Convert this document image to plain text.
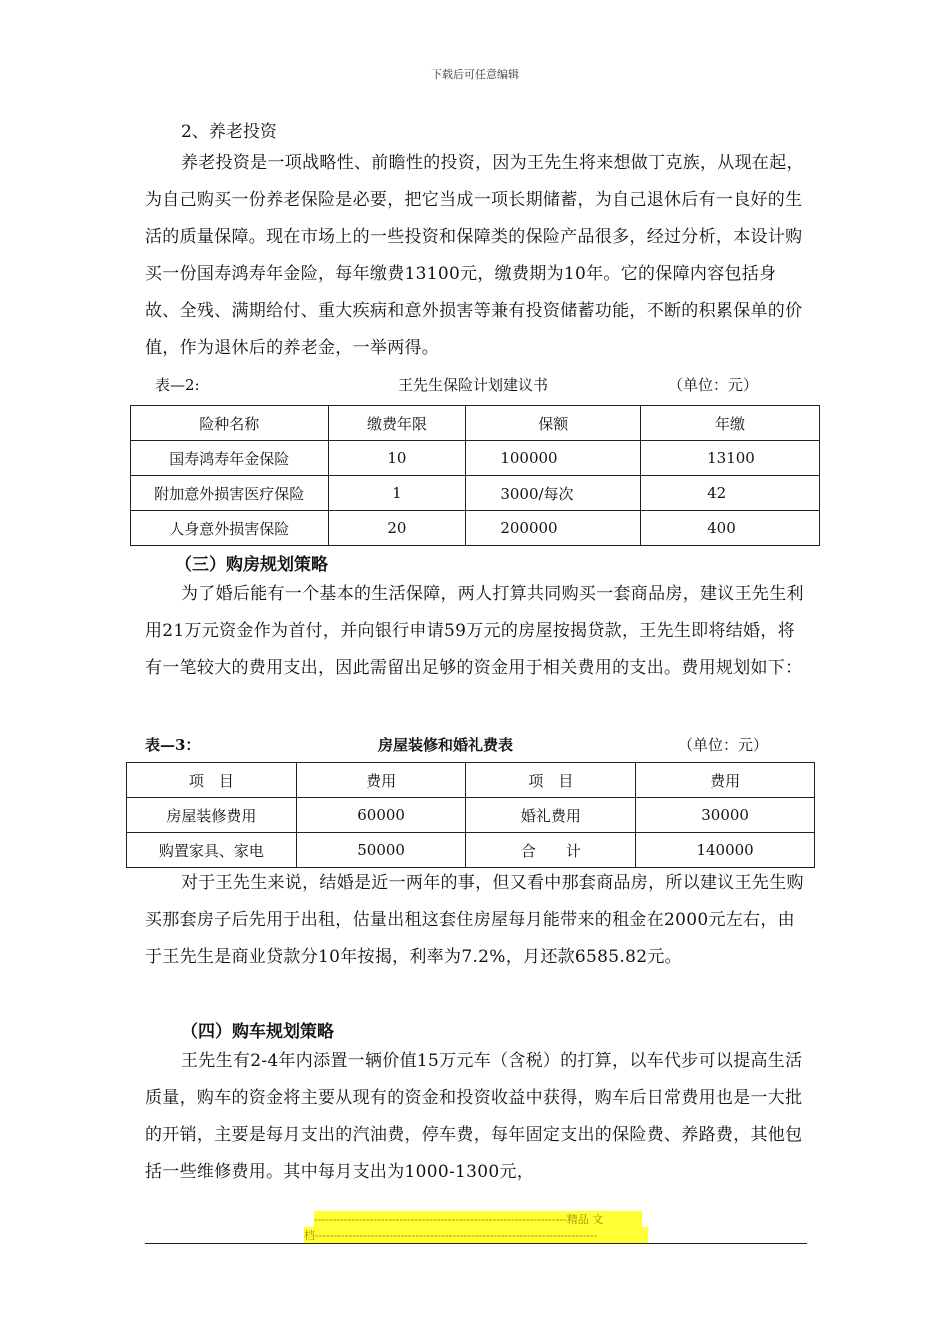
下载后可任意编辑
2、养老投资
养老投资是一项战略性、前瞻性的投资，因为王先生将来想做丁克族，从现在起，为自己购买一份养老保险是必要，把它当成一项长期储蓄，为自己退休后有一良好的生活的质量保障。现在市场上的一些投资和保障类的保险产品很多，经过分析，本设计购买一份国寿鸿寿年金险，每年缴费13100元，缴费期为10年。它的保障内容包括身故、全残、满期给付、重大疾病和意外损害等兼有投资储蓄功能，不断的积累保单的价值，作为退休后的养老金，一举两得。
表—2:	王先生保险计划建议书	（单位：元）
险种名称	缴费年限	保额	年缴
国寿鸿寿年金保险	10	100000	13100
附加意外损害医疗保险	1	3000/每次	42
人身意外损害保险	20	200000	400
（三）购房规划策略
为了婚后能有一个基本的生活保障，两人打算共同购买一套商品房，建议王先生利用21万元资金作为首付，并向银行申请59万元的房屋按揭贷款，王先生即将结婚，将有一笔较大的费用支出，因此需留出足够的资金用于相关费用的支出。费用规划如下：
表—3：	房屋装修和婚礼费表	（单位：元）
项　目	费用	项　目	费用
房屋装修费用	60000	婚礼费用	30000
购置家具、家电	50000	合　　计	140000
对于王先生来说，结婚是近一两年的事，但又看中那套商品房，所以建议王先生购买那套房子后先用于出租，估量出租这套住房屋每月能带来的租金在2000元左右，由于王先生是商业贷款分10年按揭，利率为7.2%，月还款6585.82元。
（四）购车规划策略
王先生有2-4年内添置一辆价值15万元车（含税）的打算，以车代步可以提高生活质量，购车的资金将主要从现有的资金和投资收益中获得，购车后日常费用也是一大批的开销，主要是每月支出的汽油费，停车费，每年固定支出的保险费、养路费，其他包括一些维修费用。其中每月支出为1000-1300元，
--------------------------------------------------------------------精品 文
档----------------------------------------------------------------------------
